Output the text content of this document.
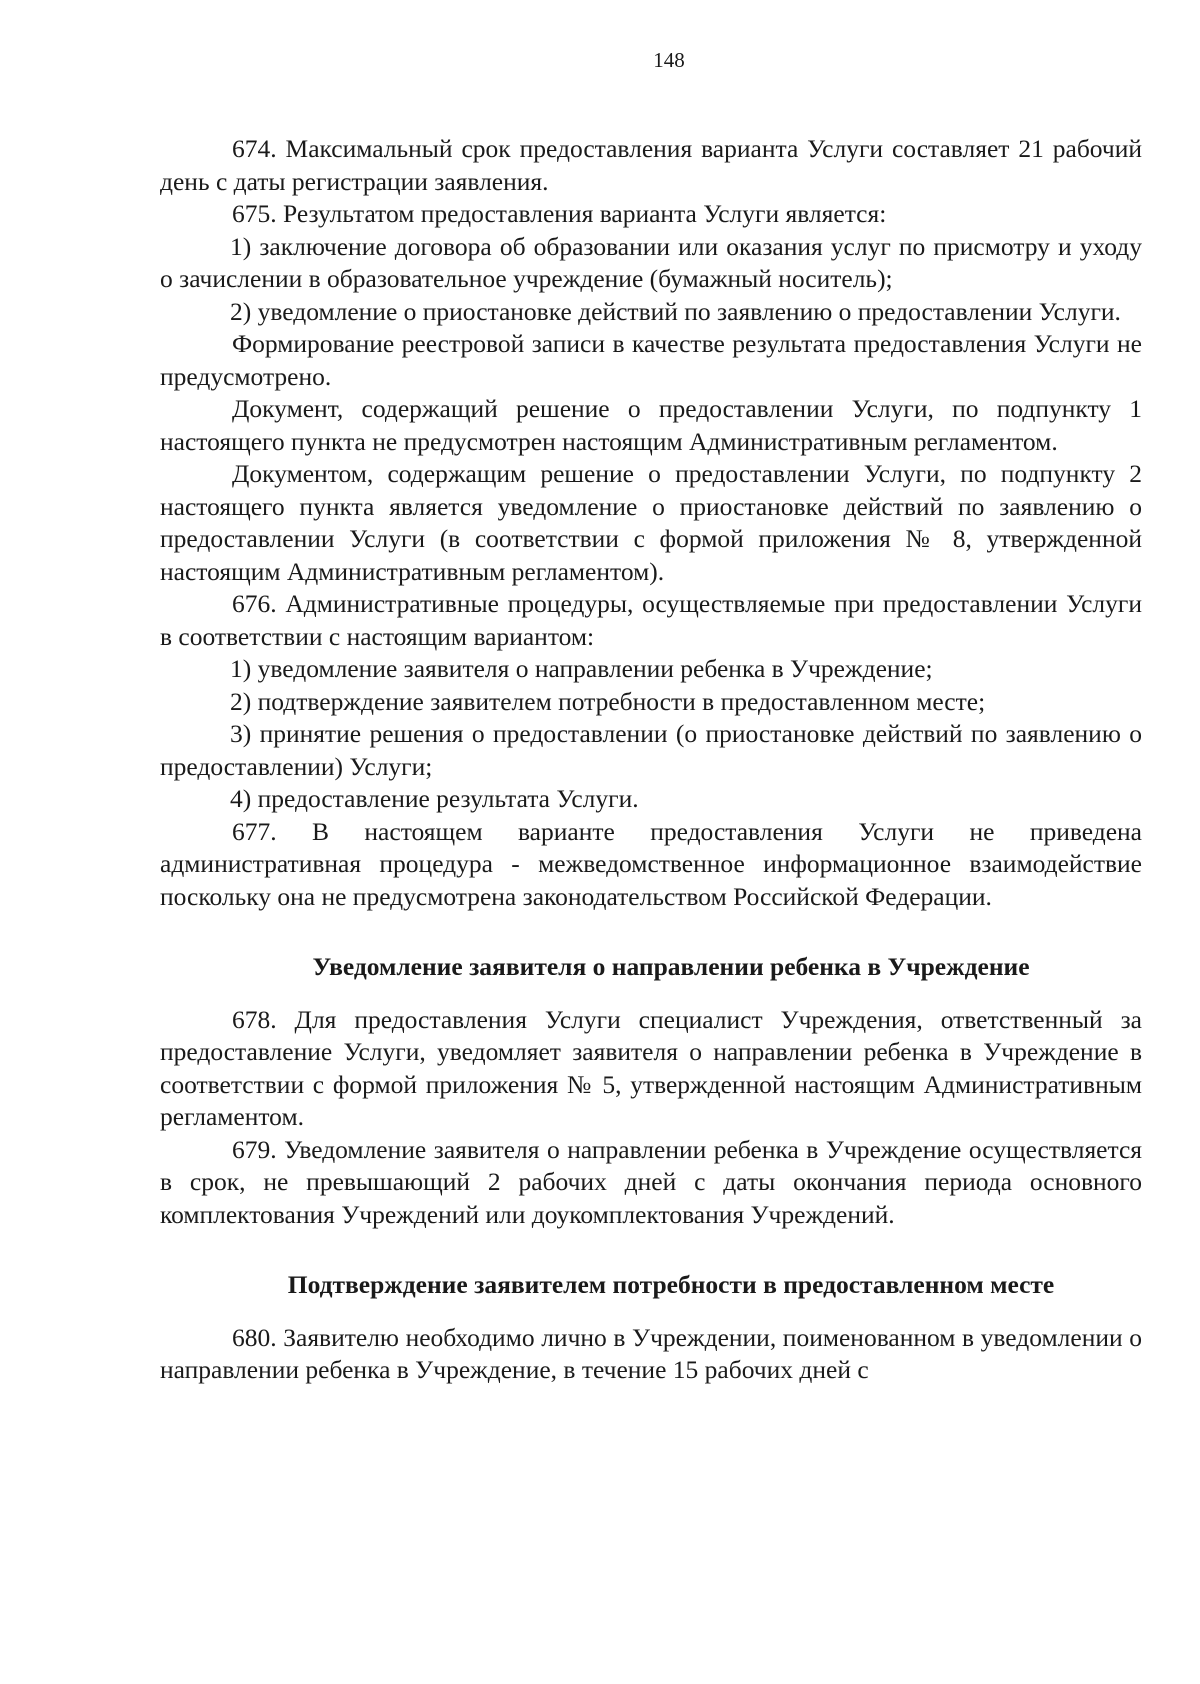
148

674. Максимальный срок предоставления варианта Услуги составляет 21 рабочий день с даты регистрации заявления.

675. Результатом предоставления варианта Услуги является:

1) заключение договора об образовании или оказания услуг по присмотру и уходу о зачислении в образовательное учреждение (бумажный носитель);

2) уведомление о приостановке действий по заявлению о предоставлении Услуги.

Формирование реестровой записи в качестве результата предоставления Услуги не предусмотрено.

Документ, содержащий решение о предоставлении Услуги, по подпункту 1 настоящего пункта не предусмотрен настоящим Административным регламентом.

Документом, содержащим решение о предоставлении Услуги, по подпункту 2 настоящего пункта является уведомление о приостановке действий по заявлению о предоставлении Услуги (в соответствии с формой приложения № 8, утвержденной настоящим Административным регламентом).

676. Административные процедуры, осуществляемые при предоставлении Услуги в соответствии с настоящим вариантом:

1) уведомление заявителя о направлении ребенка в Учреждение;

2) подтверждение заявителем потребности в предоставленном месте;

3) принятие решения о предоставлении (о приостановке действий по заявлению о предоставлении) Услуги;

4) предоставление результата Услуги.

677. В настоящем варианте предоставления Услуги не приведена административная процедура - межведомственное информационное взаимодействие поскольку она не предусмотрена законодательством Российской Федерации.

Уведомление заявителя о направлении ребенка в Учреждение

678. Для предоставления Услуги специалист Учреждения, ответственный за предоставление Услуги, уведомляет заявителя о направлении ребенка в Учреждение в соответствии с формой приложения № 5, утвержденной настоящим Административным регламентом.

679. Уведомление заявителя о направлении ребенка в Учреждение осуществляется в срок, не превышающий 2 рабочих дней с даты окончания периода основного комплектования Учреждений или доукомплектования Учреждений.

Подтверждение заявителем потребности в предоставленном месте

680. Заявителю необходимо лично в Учреждении, поименованном в уведомлении о направлении ребенка в Учреждение, в течение 15 рабочих дней с
